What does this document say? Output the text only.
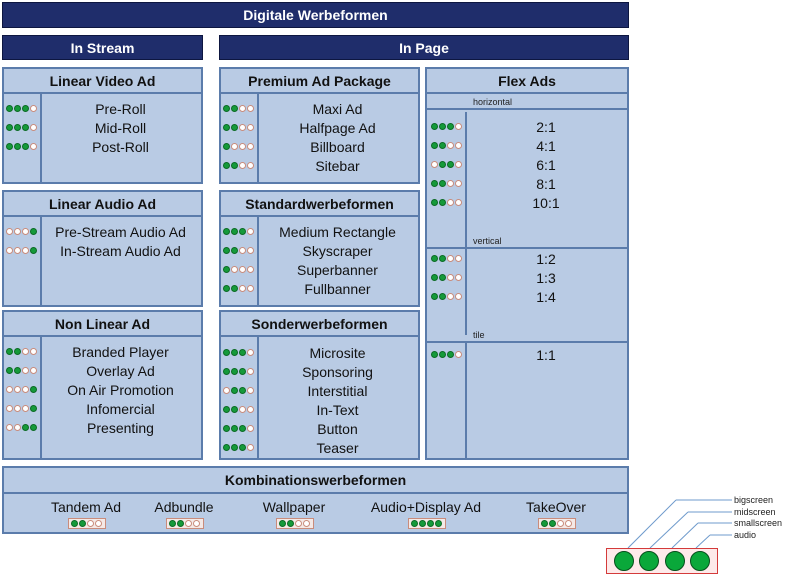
Digitale Werbeformen
In Stream	In Page
Linear Video Ad
Pre-Roll
Mid-Roll
Post-Roll
Linear Audio Ad
Pre-Stream Audio Ad
In-Stream Audio Ad
Non Linear Ad
Branded Player
Overlay Ad
On Air Promotion
Infomercial
Presenting
Premium Ad Package
Maxi Ad
Halfpage Ad
Billboard
Sitebar
Standardwerbeformen
Medium Rectangle
Skyscraper
Superbanner
Fullbanner
Sonderwerbeformen
Microsite
Sponsoring
Interstitial
In-Text
Button
Teaser
Flex Ads
horizontal
vertical
tile
2:1
4:1
6:1
8:1
10:1
1:2
1:3
1:4
1:1
Kombinationswerbeformen
Tandem Ad	Adbundle	Wallpaper	Audio+Display Ad	TakeOver	bigscreen
midscreen
smallscreen
audio
